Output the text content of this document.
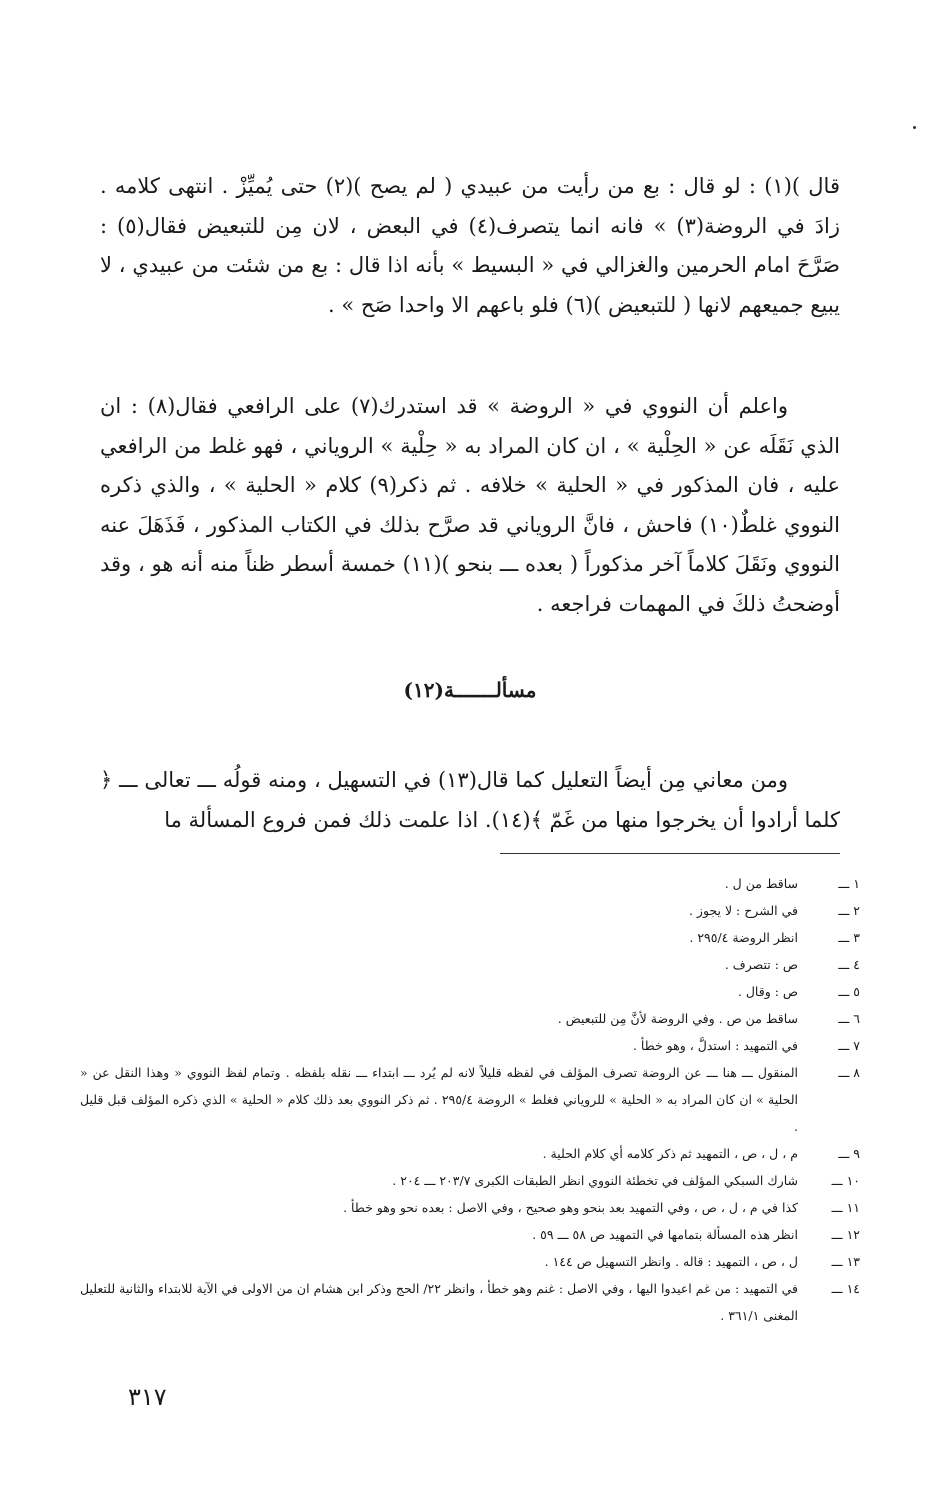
قال )(١) : لو قال : بع من رأيت من عبيدي ( لم يصح )(٢) حتى يُميِّزْ . انتهى كلامه . زادَ في الروضة(٣) » فانه انما يتصرف(٤) في البعض ، لان مِن للتبعيض فقال(٥) : صَرَّحَ امام الحرمين والغزالي في « البسيط » بأنه اذا قال : بع من شئت من عبيدي ، لا يبيع جميعهم لانها ( للتبعيض )(٦) فلو باعهم الا واحدا صَح » .

واعلم أن النووي في « الروضة » قد استدرك(٧) على الرافعي فقال(٨) : ان الذي نَقَلَه عن « الحِلْية » ، ان كان المراد به « حِلْية » الروياني ، فهو غلط من الرافعي عليه ، فان المذكور في « الحلية » خلافه . ثم ذكر(٩) كلام « الحلية » ، والذي ذكره النووي غلطٌ(١٠) فاحش ، فانَّ الروياني قد صرَّح بذلك في الكتاب المذكور ، فَذَهَلَ عنه النووي ونَقَلَ كلاماً آخر مذكوراً ( بعده ـــ بنحو )(١١) خمسة أسطر ظناً منه أنه هو ، وقد أوضحتُ ذلكَ في المهمات فراجعه .

مسألـــــــة(١٢)

ومن معاني مِن أيضاً التعليل كما قال(١٣) في التسهيل ، ومنه قولُه ـــ تعالى ـــ ﴿ كلما أرادوا أن يخرجوا منها من غَمّ ﴾(١٤). اذا علمت ذلك فمن فروع المسألة ما

١ ـــ
ساقط من ل .
٢ ـــ
في الشرح : لا يجوز .
٣ ـــ
انظر الروضة ٢٩٥/٤ .
٤ ـــ
ص : تتصرف .
٥ ـــ
ص : وقال .
٦ ـــ
ساقط من ص . وفي الروضة لأنَّ مِن للتبعيض .
٧ ـــ
في التمهيد : استدلَّ ، وهو خطأ .
٨ ـــ
المنقول ـــ هنا ـــ عن الروضة تصرف المؤلف في لفظه قليلاً لانه لم يُرد ـــ ابتداء ـــ نقله بلفظه . وتمام لفظ النووي « وهذا النقل عن « الحلية » ان كان المراد به « الحلية » للروياني فغلط » الروضة ٢٩٥/٤ . ثم ذكر النووي بعد ذلك كلام « الحلية » الذي ذكره المؤلف قبل قليل .
٩ ـــ
م ، ل ، ص ، التمهيد ثم ذكر كلامه أي كلام الحلية .
١٠ ـــ
شارك السبكي المؤلف في تخطئة النووي انظر الطبقات الكبرى ٢٠٣/٧ ـــ ٢٠٤ .
١١ ـــ
كذا في م ، ل ، ص ، وفي التمهيد بعد بنحو وهو صحيح ، وفي الاصل : بعده نحو وهو خطأ .
١٢ ـــ
انظر هذه المسألة بتمامها في التمهيد ص ٥٨ ـــ ٥٩ .
١٣ ـــ
ل ، ص ، التمهيد : قاله . وانظر التسهيل ص ١٤٤ .
١٤ ـــ
في التمهيد : من غم اعيدوا اليها ، وفي الاصل : غنم وهو خطأ ، وانظر ٢٢/ الحج وذكر ابن هشام ان من الاولى في الآية للابتداء والثانية للتعليل المغنى ٣٦١/١ .
٣١٧
